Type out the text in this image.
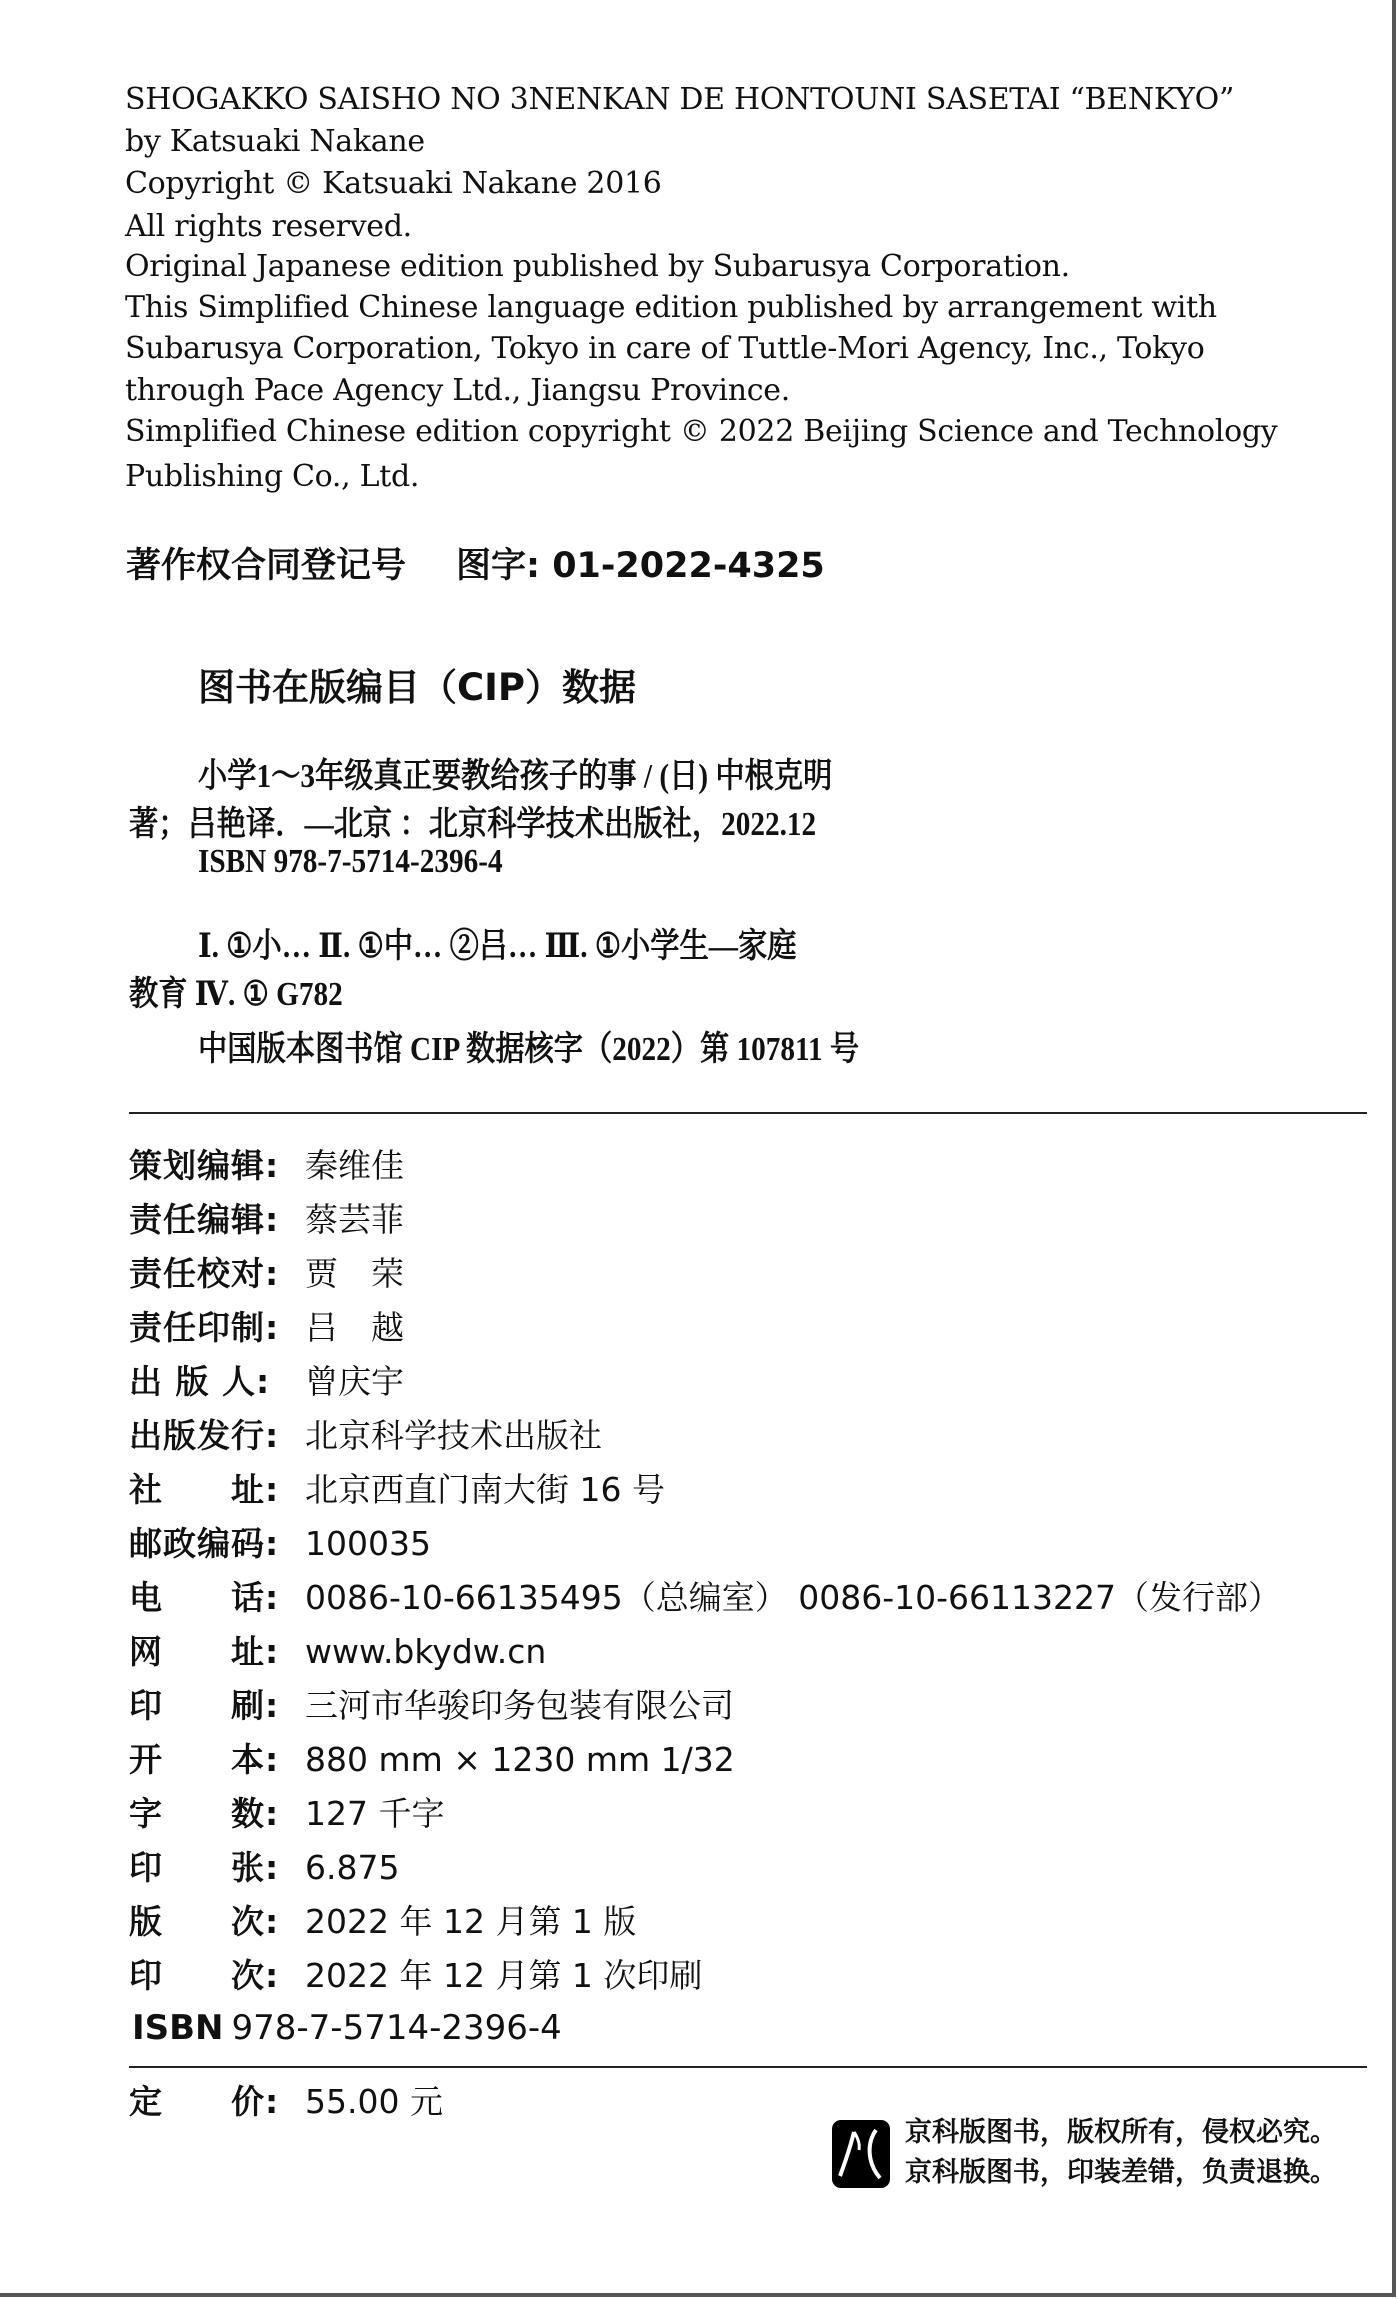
SHOGAKKO SAISHO NO 3NENKAN DE HONTOUNI SASETAI “BENKYO”
by Katsuaki Nakane
Copyright © Katsuaki Nakane 2016
All rights reserved.
Original Japanese edition published by Subarusya Corporation.
This Simplified Chinese language edition published by arrangement with
Subarusya Corporation, Tokyo in care of Tuttle-Mori Agency, Inc., Tokyo
through Pace Agency Ltd., Jiangsu Province.
Simplified Chinese edition copyright © 2022 Beijing Science and Technology
Publishing Co., Ltd.
著作权合同登记号 图字: 01-2022-4325
图书在版编目（CIP）数据
小学1～3年级真正要教给孩子的事 / (日) 中根克明
著；吕艳译．—北京 ：北京科学技术出版社，2022.12
ISBN 978-7-5714-2396-4
Ⅰ. ①小… Ⅱ. ①中… ②吕… Ⅲ. ①小学生—家庭
教育 Ⅳ. ① G782
中国版本图书馆 CIP 数据核字（2022）第 107811 号
策划编辑: 秦维佳
责任编辑: 蔡芸菲
责任校对: 贾　荣
责任印制: 吕　越
出 版 人: 曾庆宇
出版发行: 北京科学技术出版社
社　　址: 北京西直门南大街 16 号
邮政编码: 100035
电　　话: 0086-10-66135495（总编室） 0086-10-66113227（发行部）
网　　址: www.bkydw.cn
印　　刷: 三河市华骏印务包装有限公司
开　　本: 880 mm × 1230 mm 1/32
字　　数: 127 千字
印　　张: 6.875
版　　次: 2022 年 12 月第 1 版
印　　次: 2022 年 12 月第 1 次印刷
ISBN 978-7-5714-2396-4
定　　价: 55.00 元
京科版图书，版权所有，侵权必究。
京科版图书，印装差错，负责退换。
